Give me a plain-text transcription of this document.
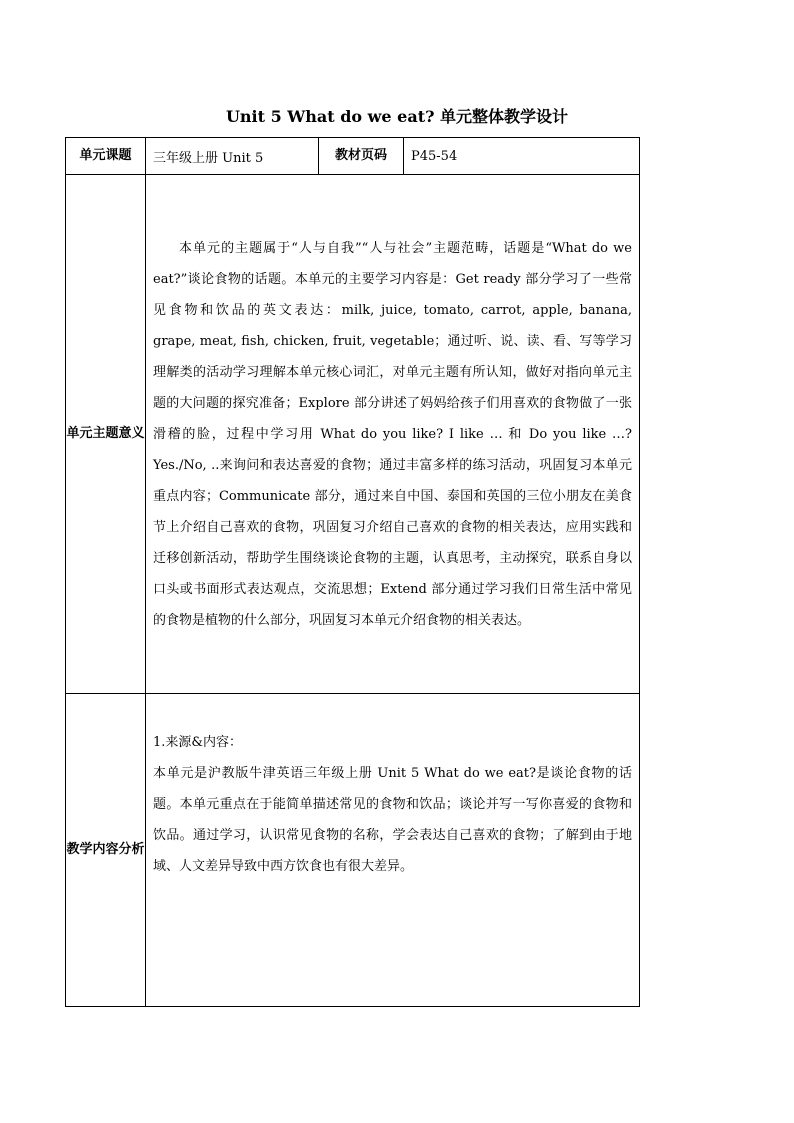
Unit 5 What do we eat? 单元整体教学设计
单元课题	三年级上册 Unit 5	教材页码	P45-54
单元主题意义	本单元的主题属于“人与自我”“人与社会”主题范畴，话题是“What do we eat?”谈论食物的话题。本单元的主要学习内容是：Get ready 部分学习了一些常见食物和饮品的英文表达：milk, juice, tomato, carrot, apple, banana, grape, meat, fish, chicken, fruit, vegetable；通过听、说、读、看、写等学习理解类的活动学习理解本单元核心词汇，对单元主题有所认知，做好对指向单元主题的大问题的探究准备；Explore 部分讲述了妈妈给孩子们用喜欢的食物做了一张滑稽的脸，过程中学习用 What do you like? I like … 和 Do you like …? Yes./No, ..来询问和表达喜爱的食物；通过丰富多样的练习活动，巩固复习本单元重点内容；Communicate 部分，通过来自中国、泰国和英国的三位小朋友在美食节上介绍自己喜欢的食物，巩固复习介绍自己喜欢的食物的相关表达，应用实践和迁移创新活动，帮助学生围绕谈论食物的主题，认真思考，主动探究，联系自身以口头或书面形式表达观点，交流思想；Extend 部分通过学习我们日常生活中常见的食物是植物的什么部分，巩固复习本单元介绍食物的相关表达。		

教学内容分析	1.来源&内容：

本单元是沪教版牛津英语三年级上册 Unit 5 What do we eat?是谈论食物的话题。本单元重点在于能简单描述常见的食物和饮品；谈论并写一写你喜爱的食物和饮品。通过学习，认识常见食物的名称，学会表达自己喜欢的食物；了解到由于地域、人文差异导致中西方饮食也有很大差异。		
